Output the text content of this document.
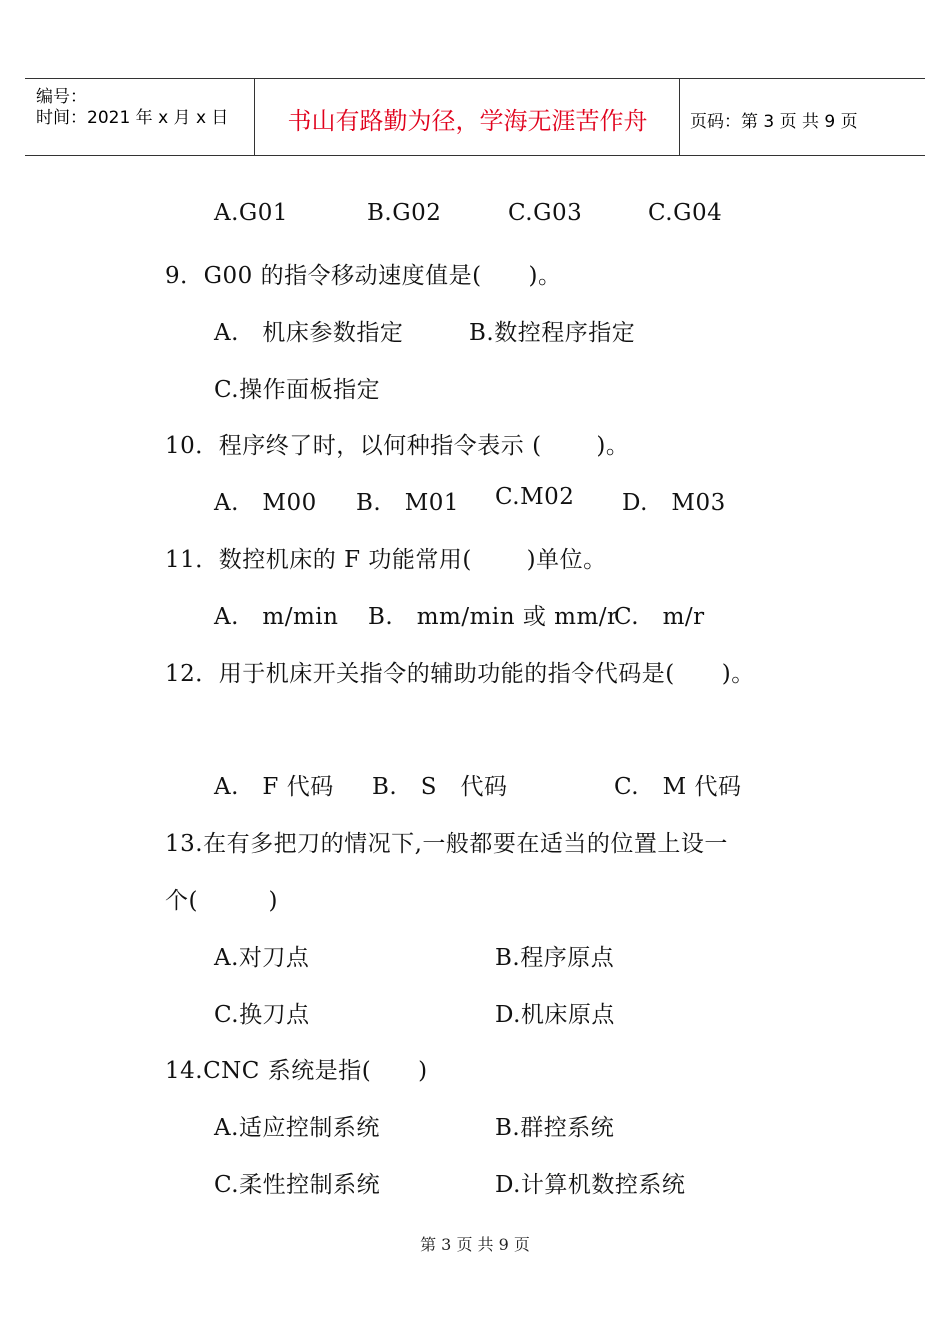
编号：
时间：2021 年 x 月 x 日	书山有路勤为径，学海无涯苦作舟	页码：第 3 页 共 9 页
A.G01	B.G02	C.G03	C.G04
9．G00 的指令移动速度值是(　　)。
A.　机床参数指定	B.数控程序指定
C.操作面板指定
10．程序终了时，以何种指令表示 (　　 )。
A.　M00 B.　M01 C.M02 D.　M03
11．数控机床的 F 功能常用(　　 )单位。
A.　m/min B.　mm/min 或 mm/r
C.　m/r
12．用于机床开关指令的辅助功能的指令代码是(　　)。
A.　F 代码 B.　S　代码	C.　M 代码
13.在有多把刀的情况下,一般都要在适当的位置上设一
个(　　　)
A.对刀点	B.程序原点
C.换刀点	D.机床原点
14.CNC 系统是指(　　)
A.适应控制系统	B.群控系统
C.柔性控制系统	D.计算机数控系统
第 3 页 共 9 页
